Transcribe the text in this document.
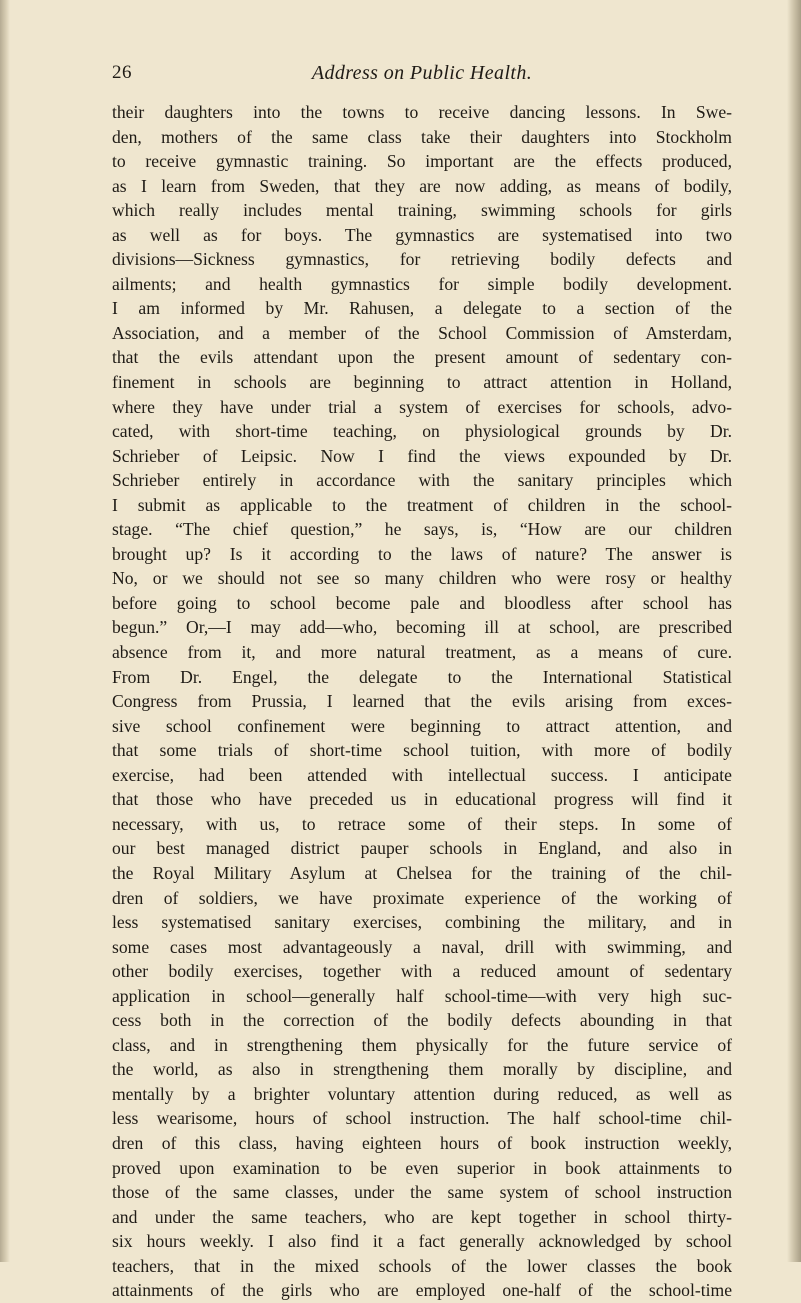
26	Address on Public Health.
their daughters into the towns to receive dancing lessons. In Swe-
den, mothers of the same class take their daughters into Stockholm
to receive gymnastic training. So important are the effects produced,
as I learn from Sweden, that they are now adding, as means of bodily,
which really includes mental training, swimming schools for girls
as well as for boys. The gymnastics are systematised into two
divisions—Sickness gymnastics, for retrieving bodily defects and
ailments; and health gymnastics for simple bodily development.
I am informed by Mr. Rahusen, a delegate to a section of the
Association, and a member of the School Commission of Amsterdam,
that the evils attendant upon the present amount of sedentary con-
finement in schools are beginning to attract attention in Holland,
where they have under trial a system of exercises for schools, advo-
cated, with short-time teaching, on physiological grounds by Dr.
Schrieber of Leipsic. Now I find the views expounded by Dr.
Schrieber entirely in accordance with the sanitary principles which
I submit as applicable to the treatment of children in the school-
stage. “The chief question,” he says, is, “How are our children
brought up? Is it according to the laws of nature? The answer is
No, or we should not see so many children who were rosy or healthy
before going to school become pale and bloodless after school has
begun.” Or,—I may add—who, becoming ill at school, are prescribed
absence from it, and more natural treatment, as a means of cure.
From Dr. Engel, the delegate to the International Statistical
Congress from Prussia, I learned that the evils arising from exces-
sive school confinement were beginning to attract attention, and
that some trials of short-time school tuition, with more of bodily
exercise, had been attended with intellectual success. I anticipate
that those who have preceded us in educational progress will find it
necessary, with us, to retrace some of their steps. In some of
our best managed district pauper schools in England, and also in
the Royal Military Asylum at Chelsea for the training of the chil-
dren of soldiers, we have proximate experience of the working of
less systematised sanitary exercises, combining the military, and in
some cases most advantageously a naval, drill with swimming, and
other bodily exercises, together with a reduced amount of sedentary
application in school—generally half school-time—with very high suc-
cess both in the correction of the bodily defects abounding in that
class, and in strengthening them physically for the future service of
the world, as also in strengthening them morally by discipline, and
mentally by a brighter voluntary attention during reduced, as well as
less wearisome, hours of school instruction. The half school-time chil-
dren of this class, having eighteen hours of book instruction weekly,
proved upon examination to be even superior in book attainments to
those of the same classes, under the same system of school instruction
and under the same teachers, who are kept together in school thirty-
six hours weekly. I also find it a fact generally acknowledged by school
teachers, that in the mixed schools of the lower classes the book
attainments of the girls who are employed one-half of the school-time
